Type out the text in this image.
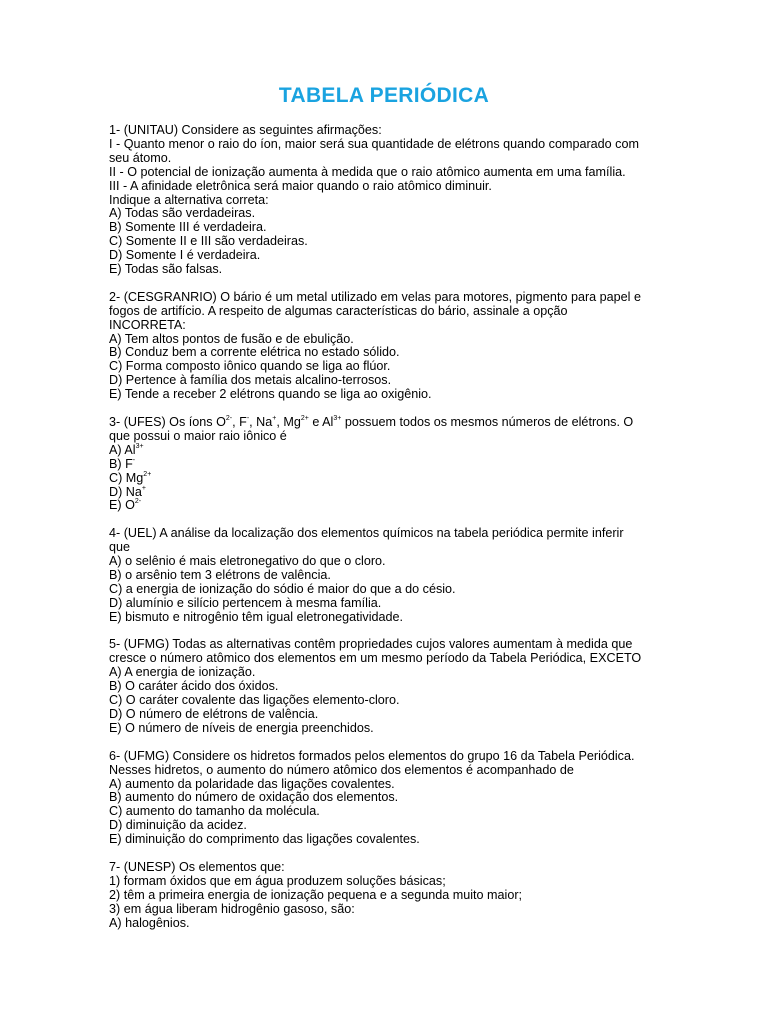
TABELA PERIÓDICA
1- (UNITAU) Considere as seguintes afirmações:
I - Quanto menor o raio do íon, maior será sua quantidade de elétrons quando comparado com
seu átomo.
II - O potencial de ionização aumenta à medida que o raio atômico aumenta em uma família.
III - A afinidade eletrônica será maior quando o raio atômico diminuir.
Indique a alternativa correta:
A) Todas são verdadeiras.
B) Somente III é verdadeira.
C) Somente II e III são verdadeiras.
D) Somente I é verdadeira.
E) Todas são falsas.
2- (CESGRANRIO) O bário é um metal utilizado em velas para motores, pigmento para papel e
fogos de artifício. A respeito de algumas características do bário, assinale a opção
INCORRETA:
A) Tem altos pontos de fusão e de ebulição.
B) Conduz bem a corrente elétrica no estado sólido.
C) Forma composto iônico quando se liga ao flúor.
D) Pertence à família dos metais alcalino-terrosos.
E) Tende a receber 2 elétrons quando se liga ao oxigênio.
3- (UFES) Os íons $O^{2-}$, F-, Na+, $Mg^{2+}$ e $Al^{3+}$ possuem todos os mesmos números de elétrons. O
que possui o maior raio iônico é
A) $Al^{3+}$
B) F-
C) $Mg^{2+}$
D) Na+
E) $O^{2-}$
4- (UEL) A análise da localização dos elementos químicos na tabela periódica permite inferir
que
A) o selênio é mais eletronegativo do que o cloro.
B) o arsênio tem 3 elétrons de valência.
C) a energia de ionização do sódio é maior do que a do césio.
D) alumínio e silício pertencem à mesma família.
E) bismuto e nitrogênio têm igual eletronegatividade.
5- (UFMG) Todas as alternativas contêm propriedades cujos valores aumentam à medida que
cresce o número atômico dos elementos em um mesmo período da Tabela Periódica, EXCETO
A) A energia de ionização.
B) O caráter ácido dos óxidos.
C) O caráter covalente das ligações elemento-cloro.
D) O número de elétrons de valência.
E) O número de níveis de energia preenchidos.
6- (UFMG) Considere os hidretos formados pelos elementos do grupo 16 da Tabela Periódica.
Nesses hidretos, o aumento do número atômico dos elementos é acompanhado de
A) aumento da polaridade das ligações covalentes.
B) aumento do número de oxidação dos elementos.
C) aumento do tamanho da molécula.
D) diminuição da acidez.
E) diminuição do comprimento das ligações covalentes.
7- (UNESP) Os elementos que:
1) formam óxidos que em água produzem soluções básicas;
2) têm a primeira energia de ionização pequena e a segunda muito maior;
3) em água liberam hidrogênio gasoso, são:
A) halogênios.
